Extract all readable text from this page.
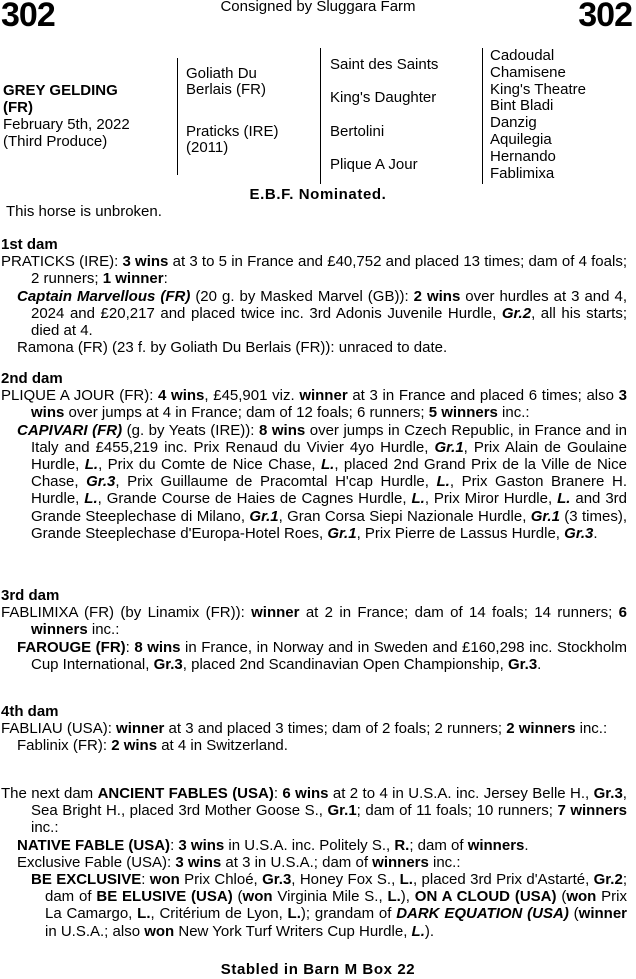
302	Consigned by Sluggara Farm	302
GREY GELDING
(FR)
February 5th, 2022
(Third Produce)
Goliath Du
Berlais (FR)
Praticks (IRE)
(2011)
Saint des Saints
King's Daughter
Bertolini
Plique A Jour
Cadoudal
Chamisene
King's Theatre
Bint Bladi
Danzig
Aquilegia
Hernando
Fablimixa
E.B.F. Nominated.
This horse is unbroken.
1st dam

PRATICKS (IRE): 3 wins at 3 to 5 in France and £40,752 and placed 13 times; dam of 4 foals; 2 runners; 1 winner:

Captain Marvellous (FR) (20 g. by Masked Marvel (GB)): 2 wins over hurdles at 3 and 4, 2024 and £20,217 and placed twice inc. 3rd Adonis Juvenile Hurdle, Gr.2, all his starts; died at 4.

Ramona (FR) (23 f. by Goliath Du Berlais (FR)): unraced to date.

2nd dam

PLIQUE A JOUR (FR): 4 wins, £45,901 viz. winner at 3 in France and placed 6 times; also 3 wins over jumps at 4 in France; dam of 12 foals; 6 runners; 5 winners inc.:

CAPIVARI (FR) (g. by Yeats (IRE)): 8 wins over jumps in Czech Republic, in France and in Italy and £455,219 inc. Prix Renaud du Vivier 4yo Hurdle, Gr.1, Prix Alain de Goulaine Hurdle, L., Prix du Comte de Nice Chase, L., placed 2nd Grand Prix de la Ville de Nice Chase, Gr.3, Prix Guillaume de Pracomtal H'cap Hurdle, L., Prix Gaston Branere H. Hurdle, L., Grande Course de Haies de Cagnes Hurdle, L., Prix Miror Hurdle, L. and 3rd Grande Steeplechase di Milano, Gr.1, Gran Corsa Siepi Nazionale Hurdle, Gr.1 (3 times), Grande Steeplechase d'Europa-Hotel Roes, Gr.1, Prix Pierre de Lassus Hurdle, Gr.3.

3rd dam

FABLIMIXA (FR) (by Linamix (FR)): winner at 2 in France; dam of 14 foals; 14 runners; 6 winners inc.:

FAROUGE (FR): 8 wins in France, in Norway and in Sweden and £160,298 inc. Stockholm Cup International, Gr.3, placed 2nd Scandinavian Open Championship, Gr.3.

4th dam

FABLIAU (USA): winner at 3 and placed 3 times; dam of 2 foals; 2 runners; 2 winners inc.:

Fablinix (FR): 2 wins at 4 in Switzerland.

The next dam ANCIENT FABLES (USA): 6 wins at 2 to 4 in U.S.A. inc. Jersey Belle H., Gr.3, Sea Bright H., placed 3rd Mother Goose S., Gr.1; dam of 11 foals; 10 runners; 7 winners inc.:

NATIVE FABLE (USA): 3 wins in U.S.A. inc. Politely S., R.; dam of winners.

Exclusive Fable (USA): 3 wins at 3 in U.S.A.; dam of winners inc.:

BE EXCLUSIVE: won Prix Chloé, Gr.3, Honey Fox S., L., placed 3rd Prix d'Astarté, Gr.2; dam of BE ELUSIVE (USA) (won Virginia Mile S., L.), ON A CLOUD (USA) (won Prix La Camargo, L., Critérium de Lyon, L.); grandam of DARK EQUATION (USA) (winner in U.S.A.; also won New York Turf Writers Cup Hurdle, L.).

Stabled in Barn M Box 22
